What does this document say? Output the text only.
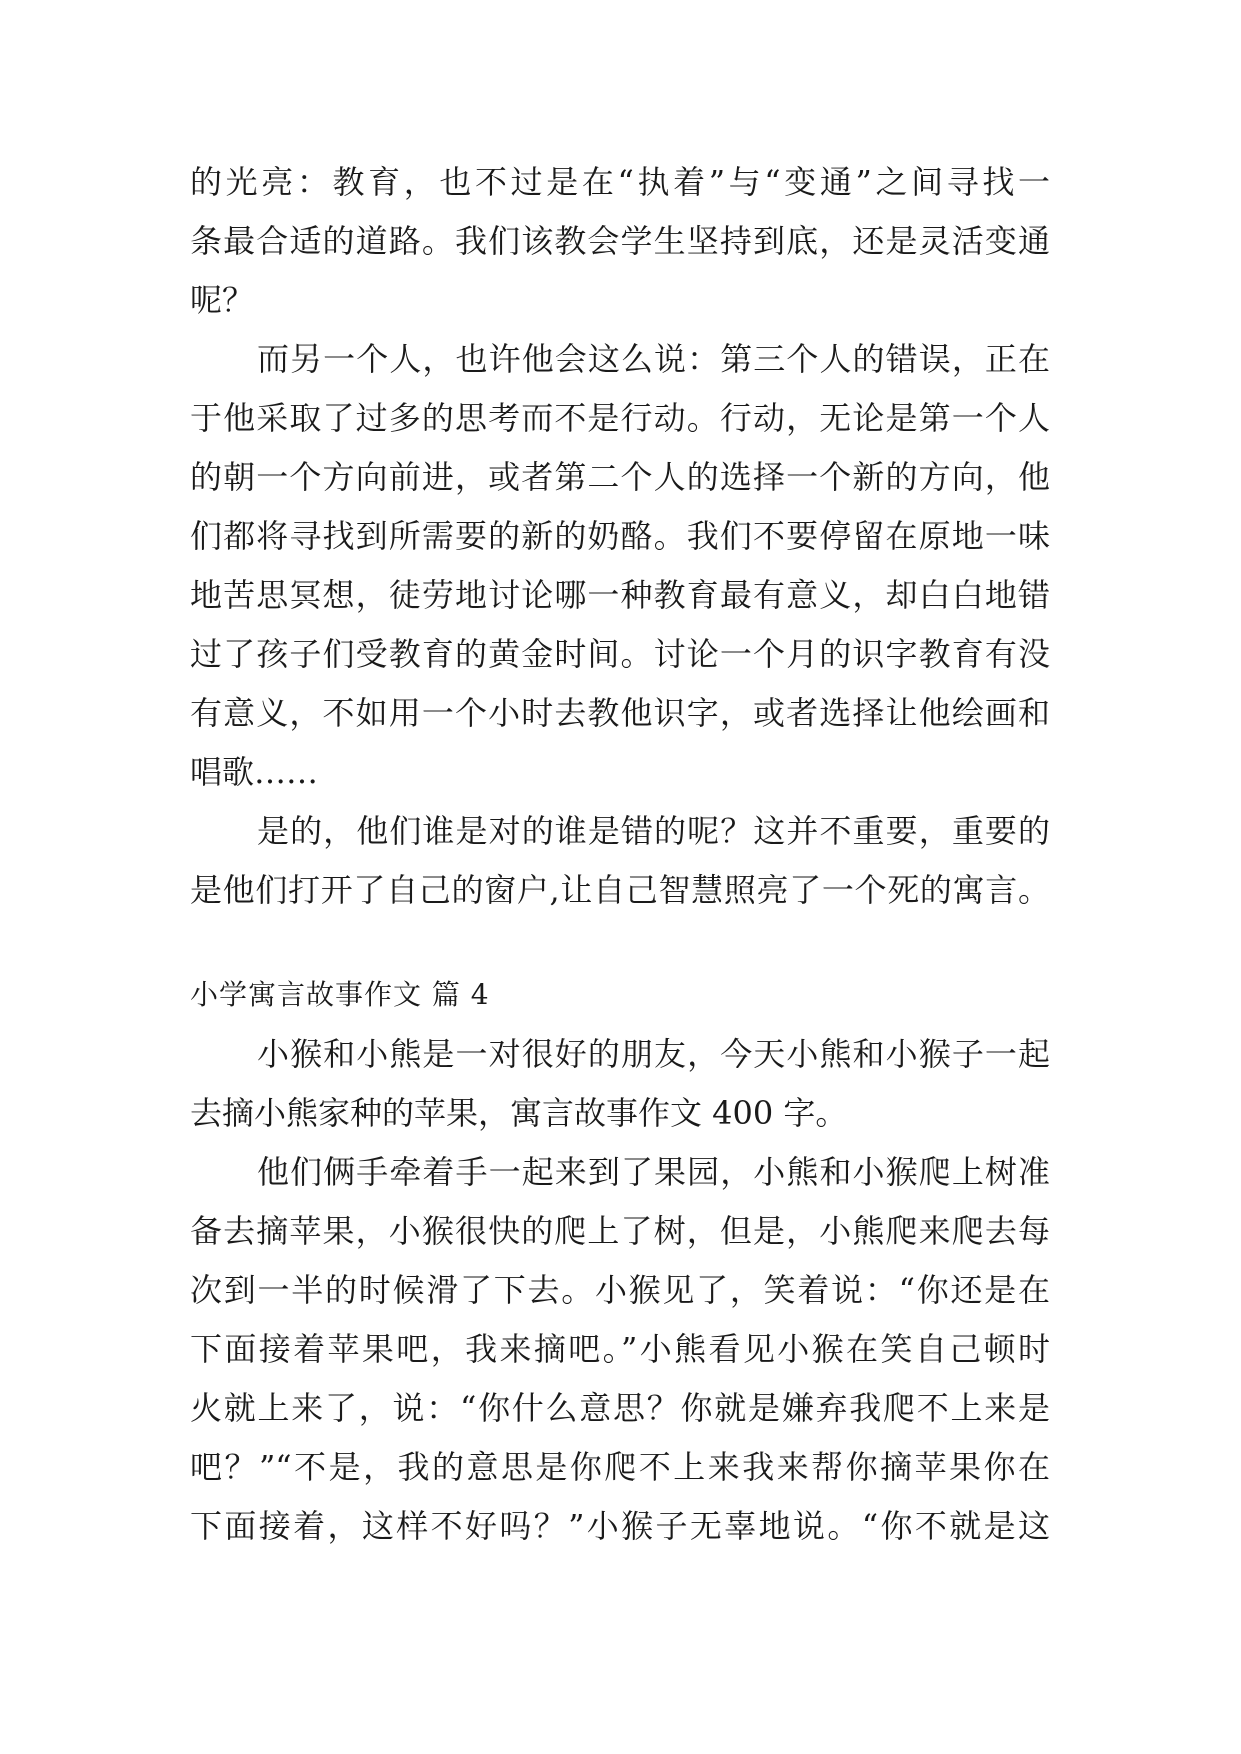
的光亮：教育，也不过是在“执着”与“变通”之间寻找一
条最合适的道路。我们该教会学生坚持到底，还是灵活变通
呢？
而另一个人，也许他会这么说：第三个人的错误，正在
于他采取了过多的思考而不是行动。行动，无论是第一个人
的朝一个方向前进，或者第二个人的选择一个新的方向，他
们都将寻找到所需要的新的奶酪。我们不要停留在原地一味
地苦思冥想，徒劳地讨论哪一种教育最有意义，却白白地错
过了孩子们受教育的黄金时间。讨论一个月的识字教育有没
有意义，不如用一个小时去教他识字，或者选择让他绘画和
唱歌……
是的，他们谁是对的谁是错的呢？这并不重要，重要的
是他们打开了自己的窗户,让自己智慧照亮了一个死的寓言。
小学寓言故事作文 篇 4
小猴和小熊是一对很好的朋友，今天小熊和小猴子一起
去摘小熊家种的苹果，寓言故事作文 400 字。
他们俩手牵着手一起来到了果园，小熊和小猴爬上树准
备去摘苹果，小猴很快的爬上了树，但是，小熊爬来爬去每
次到一半的时候滑了下去。小猴见了，笑着说：“你还是在
下面接着苹果吧，我来摘吧。”小熊看见小猴在笑自己顿时
火就上来了，说：“你什么意思？你就是嫌弃我爬不上来是
吧？”“不是，我的意思是你爬不上来我来帮你摘苹果你在
下面接着，这样不好吗？”小猴子无辜地说。“你不就是这
